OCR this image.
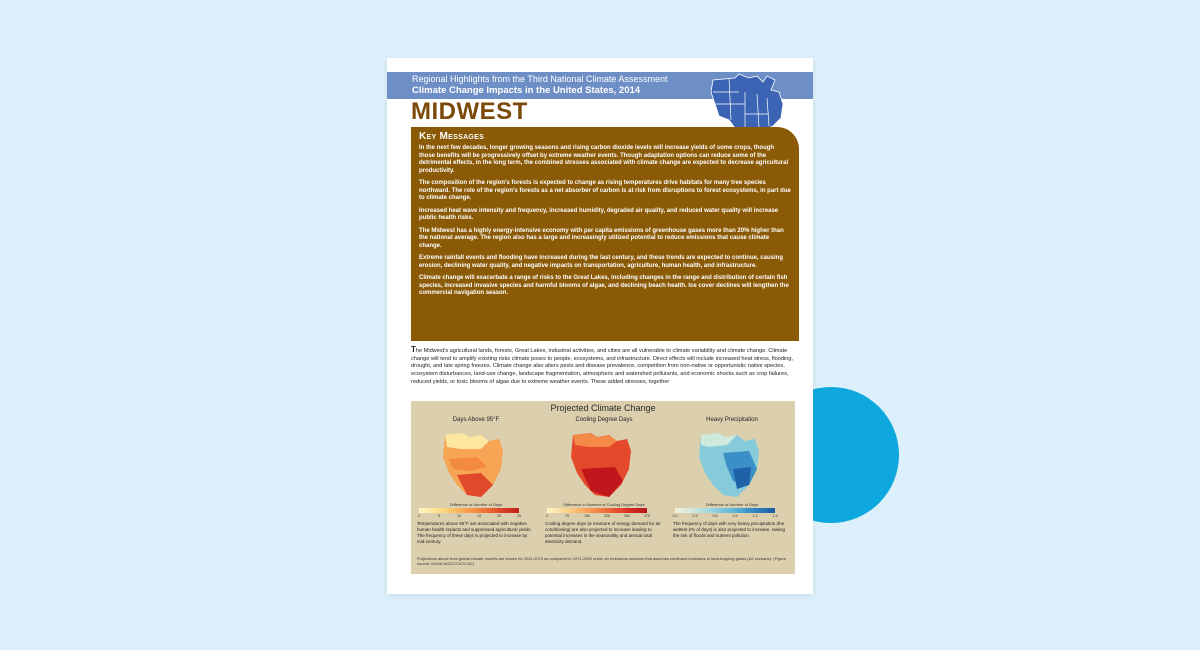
Regional Highlights from the Third National Climate Assessment
Climate Change Impacts in the United States, 2014
MIDWEST
Key Messages

In the next few decades, longer growing seasons and rising carbon dioxide levels will increase yields of some crops, though those benefits will be progressively offset by extreme weather events. Though adaptation options can reduce some of the detrimental effects, in the long term, the combined stresses associated with climate change are expected to decrease agricultural productivity.

The composition of the region's forests is expected to change as rising temperatures drive habitats for many tree species northward. The role of the region's forests as a net absorber of carbon is at risk from disruptions to forest ecosystems, in part due to climate change.

Increased heat wave intensity and frequency, increased humidity, degraded air quality, and reduced water quality will increase public health risks.

The Midwest has a highly energy-intensive economy with per capita emissions of greenhouse gases more than 20% higher than the national average. The region also has a large and increasingly utilized potential to reduce emissions that cause climate change.

Extreme rainfall events and flooding have increased during the last century, and these trends are expected to continue, causing erosion, declining water quality, and negative impacts on transportation, agriculture, human health, and infrastructure.

Climate change will exacerbate a range of risks to the Great Lakes, including changes in the range and distribution of certain fish species, increased invasive species and harmful blooms of algae, and declining beach health. Ice cover declines will lengthen the commercial navigation season.

The Midwest's agricultural lands, forests, Great Lakes, industrial activities, and cities are all vulnerable to climate variability and climate change. Climate change will tend to amplify existing risks climate poses to people, ecosystems, and infrastructure. Direct effects will include increased heat stress, flooding, drought, and late spring freezes. Climate change also alters pests and disease prevalence, competition from non-native or opportunistic native species, ecosystem disturbances, land-use change, landscape fragmentation, atmospheric and watershed pollutants, and economic shocks such as crop failures, reduced yields, or toxic blooms of algae due to extreme weather events. These added stresses, together
Projected Climate Change
Days Above 95°F
Difference in Number of Days
0	5	10	15	20	25
Temperatures above 95°F are associated with negative human health impacts and suppressed agricultural yields. The frequency of these days is projected to increase by mid-century.
Cooling Degree Days
Difference in Number of Cooling Degree Days
0	75	150	225	300	375
Cooling degree days (a measure of energy demand for air conditioning) are also projected to increase leading to potential increases in the seasonality and annual total electricity demand.
Heavy Precipitation
Difference in Number of Days
0.0	0.3	0.6	0.9	1.2	1.5
The frequency of days with very heavy precipitation (the wettest 2% of days) is also projected to increase, raising the risk of floods and nutrient pollution.
Projections above from global climate models are shown for 2041-2070 as compared to 1971-2000 under an emissions scenario that assumes continued increases in heat-trapping gases (A2 scenario). (Figure source: NOAA NCDC/CICS-NC)
